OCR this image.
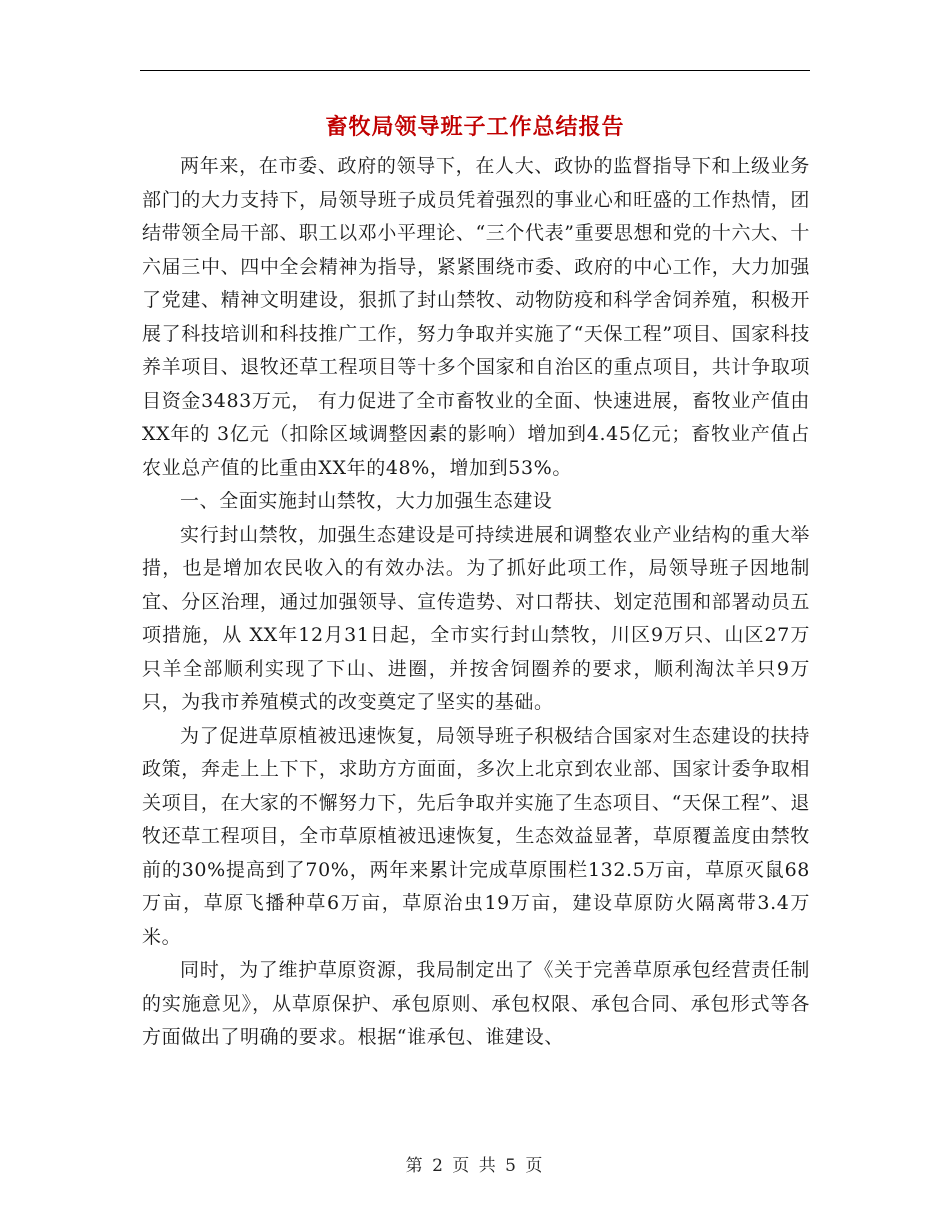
畜牧局领导班子工作总结报告

两年来，在市委、政府的领导下，在人大、政协的监督指导下和上级业务部门的大力支持下，局领导班子成员凭着强烈的事业心和旺盛的工作热情，团结带领全局干部、职工以邓小平理论、“三个代表”重要思想和党的十六大、十六届三中、四中全会精神为指导，紧紧围绕市委、政府的中心工作，大力加强了党建、精神文明建设，狠抓了封山禁牧、动物防疫和科学舍饲养殖，积极开展了科技培训和科技推广工作，努力争取并实施了“天保工程”项目、国家科技养羊项目、退牧还草工程项目等十多个国家和自治区的重点项目，共计争取项目资金3483万元， 有力促进了全市畜牧业的全面、快速进展，畜牧业产值由XX年的 3亿元（扣除区域调整因素的影响）增加到4.45亿元；畜牧业产值占农业总产值的比重由XX年的48%，增加到53%。

一、全面实施封山禁牧，大力加强生态建设

实行封山禁牧，加强生态建设是可持续进展和调整农业产业结构的重大举措，也是增加农民收入的有效办法。为了抓好此项工作，局领导班子因地制宜、分区治理，通过加强领导、宣传造势、对口帮扶、划定范围和部署动员五项措施，从 XX年12月31日起，全市实行封山禁牧，川区9万只、山区27万只羊全部顺利实现了下山、进圈，并按舍饲圈养的要求，顺利淘汰羊只9万只，为我市养殖模式的改变奠定了坚实的基础。

为了促进草原植被迅速恢复，局领导班子积极结合国家对生态建设的扶持政策，奔走上上下下，求助方方面面，多次上北京到农业部、国家计委争取相关项目，在大家的不懈努力下，先后争取并实施了生态项目、“天保工程”、退牧还草工程项目，全市草原植被迅速恢复，生态效益显著，草原覆盖度由禁牧前的30%提高到了70%，两年来累计完成草原围栏132.5万亩，草原灭鼠68万亩，草原飞播种草6万亩，草原治虫19万亩，建设草原防火隔离带3.4万米。

同时，为了维护草原资源，我局制定出了《关于完善草原承包经营责任制的实施意见》，从草原保护、承包原则、承包权限、承包合同、承包形式等各方面做出了明确的要求。根据“谁承包、谁建设、

第 2 页 共 5 页
